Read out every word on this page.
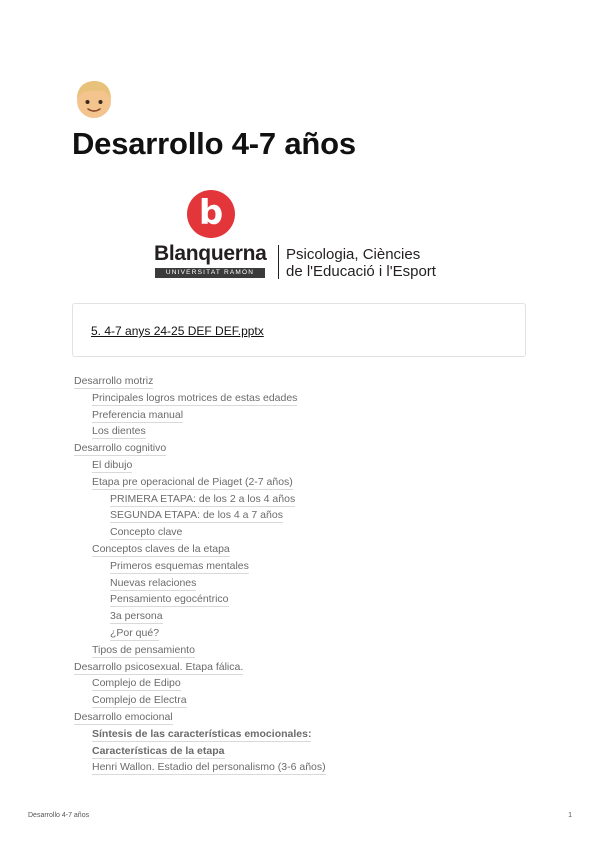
Desarrollo 4-7 años
b
Blanquerna
UNIVERSITAT RAMON LLULL
Psicologia, Ciències
de l'Educació i l'Esport
5. 4-7 anys 24-25 DEF DEF.pptx
Desarrollo motriz
Principales logros motrices de estas edades
Preferencia manual
Los dientes
Desarrollo cognitivo
El dibujo
Etapa pre operacional de Piaget (2-7 años)
PRIMERA ETAPA: de los 2 a los 4 años
SEGUNDA ETAPA: de los 4 a 7 años
Concepto clave
Conceptos claves de la etapa
Primeros esquemas mentales
Nuevas relaciones
Pensamiento egocéntrico
3a persona
¿Por qué?
Tipos de pensamiento
Desarrollo psicosexual. Etapa fálica.
Complejo de Edipo
Complejo de Electra
Desarrollo emocional
Síntesis de las características emocionales:
Características de la etapa
Henri Wallon. Estadio del personalismo (3-6 años)
Desarrollo 4-7 años	1
